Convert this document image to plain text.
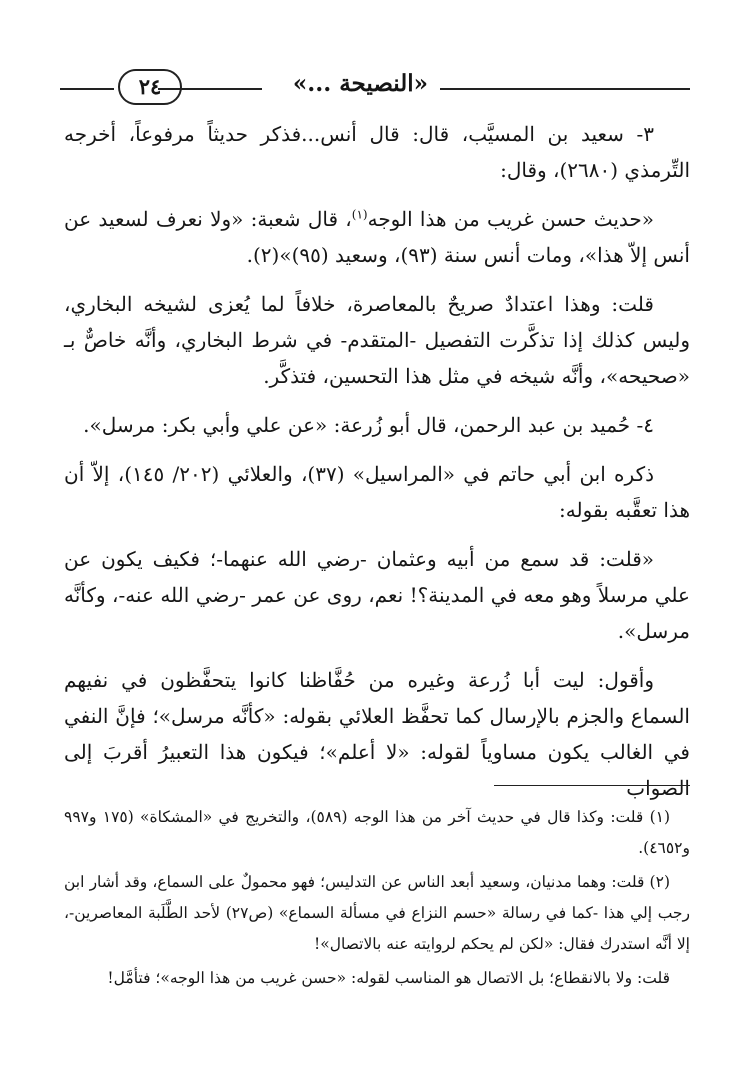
«النصيحة ...»
٢٤

٣- سعيد بن المسيَّب، قال: قال أنس...فذكر حديثاً مرفوعاً، أخرجه التِّرمذي (٢٦٨٠)، وقال:

«حديث حسن غريب من هذا الوجه$^{(١)}$، قال شعبة: «ولا نعرف لسعيد عن أنس إلاّ هذا»، ومات أنس سنة (٩٣)، وسعيد (٩٥)»(٢).

قلت: وهذا اعتدادٌ صريحٌ بالمعاصرة، خلافاً لما يُعزى لشيخه البخاري، وليس كذلك إذا تذكَّرت التفصيل -المتقدم- في شرط البخاري، وأنَّه خاصٌّ بـ «صحيحه»، وأنَّه شيخه في مثل هذا التحسين، فتذكَّر.

٤- حُميد بن عبد الرحمن، قال أبو زُرعة: «عن علي وأبي بكر: مرسل».

ذكره ابن أبي حاتم في «المراسيل» (٣٧)، والعلائي (٢٠٢/ ١٤٥)، إلاّ أن هذا تعقَّبه بقوله:

«قلت: قد سمع من أبيه وعثمان -رضي الله عنهما-؛ فكيف يكون عن علي مرسلاً وهو معه في المدينة؟! نعم، روى عن عمر -رضي الله عنه-، وكأنَّه مرسل».

وأقول: ليت أبا زُرعة وغيره من حُفَّاظنا كانوا يتحفَّظون في نفيهم السماع والجزم بالإرسال كما تحفَّظ العلائي بقوله: «كأنَّه مرسل»؛ فإنَّ النفي في الغالب يكون مساوياً لقوله: «لا أعلم»؛ فيكون هذا التعبيرُ أقربَ إلى الصواب

(١) قلت: وكذا قال في حديث آخر من هذا الوجه (٥٨٩)، والتخريج في «المشكاة» (١٧٥ و٩٩٧ و٤٦٥٢).

(٢) قلت: وهما مدنيان، وسعيد أبعد الناس عن التدليس؛ فهو محمولٌ على السماع، وقد أشار ابن رجب إلي هذا -كما في رسالة «حسم النزاع في مسألة السماع» (ص٢٧) لأحد الطَّلَبة المعاصرين-، إلا أنَّه استدرك فقال: «لكن لم يحكم لروايته عنه بالاتصال»!

قلت: ولا بالانقطاع؛ بل الاتصال هو المناسب لقوله: «حسن غريب من هذا الوجه»؛ فتأمَّل!
